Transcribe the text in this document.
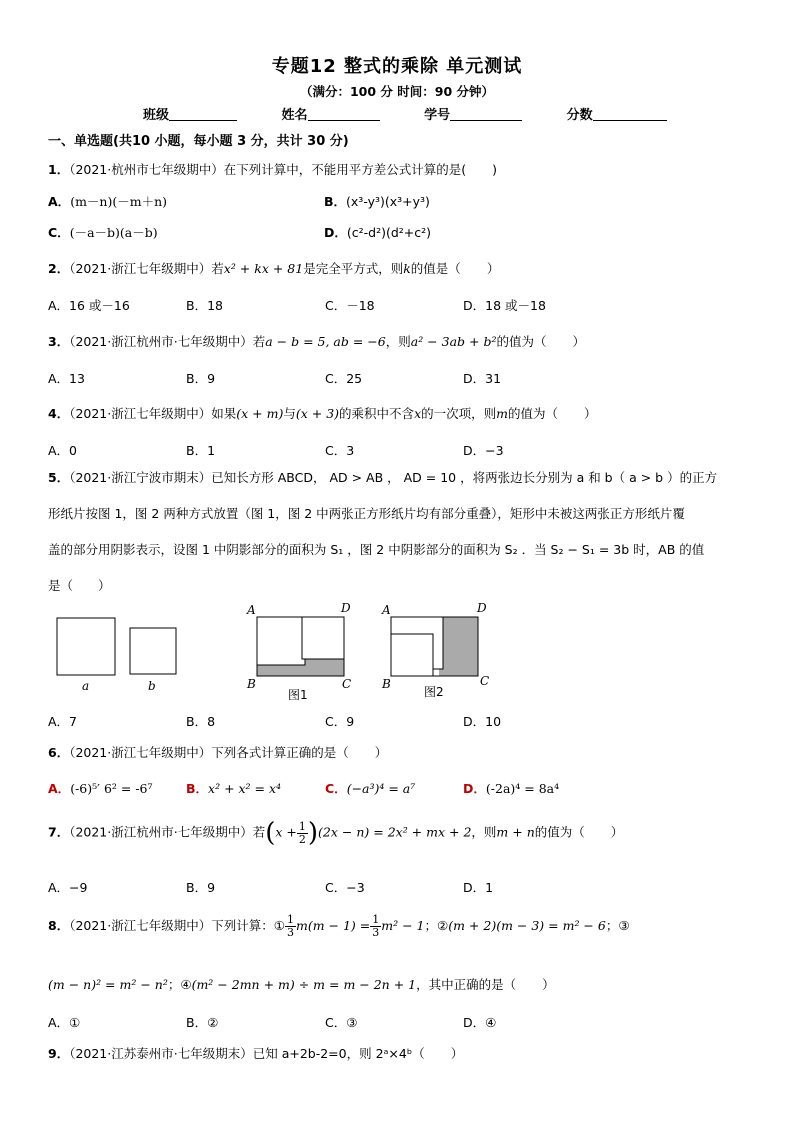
专题12 整式的乘除 单元测试
（满分：100 分 时间：90 分钟）
班级	姓名	学号	分数
一、单选题(共10 小题，每小题 3 分，共计 30 分)
1．（2021·杭州市七年级期中）在下列计算中，不能用平方差公式计算的是( )
A．(m－n)(－m＋n)	B．(x³-y³)(x³+y³)
C．(－a－b)(a－b)	D．(c²-d²)(d²+c²)
2．（2021·浙江七年级期中）若x² + kx + 81是完全平方式，则k的值是（ ）
A．16 或－16	B．18	C．－18	D．18 或－18
3．（2021·浙江杭州市·七年级期中）若a − b = 5, ab = −6，则a² − 3ab + b²的值为（ ）
A．13	B．9	C．25	D．31
4．（2021·浙江七年级期中）如果(x + m)与(x + 3)的乘积中不含x的一次项，则m的值为（ ）
A．0	B．1	C．3	D．−3
5．（2021·浙江宁波市期末）已知长方形 ABCD， AD > AB ， AD = 10 ，将两张边长分别为 a 和 b（ a > b ）的正方
形纸片按图 1，图 2 两种方式放置（图 1，图 2 中两张正方形纸片均有部分重叠），矩形中未被这两张正方形纸片覆
盖的部分用阴影表示，设图 1 中阴影部分的面积为 S₁ ，图 2 中阴影部分的面积为 S₂ ．当 S₂ − S₁ = 3b 时，AB 的值
是（　　）
a	b
A	D
B	C
图1
A	D
B	C
图2
A．7	B．8	C．9	D．10
6．（2021·浙江七年级期中）下列各式计算正确的是（ ）
A．(-6)⁵′ 6² = -6⁷	B．x² + x² = x⁴	C．(−a³)⁴ = a⁷	D．(-2a)⁴ = 8a⁴
7．（2021·浙江杭州市·七年级期中）若$(x + \frac{1}{2} )(2x - n) = 2x^2$ + mx + 2，则m + n的值为（ ）
A．−9	B．9	C．−3	D．1
8．（2021·浙江七年级期中）下列计算：① $\frac{1}{3} m(m - 1) = \frac{1}{3} m^2 - 1$；②(m + 2)(m − 3) = m² − 6；③
(m − n)² = m² − n²；④(m² − 2mn + m) ÷ m = m − 2n + 1，其中正确的是（ ）
A．①	B．②	C．③	D．④
9．（2021·江苏泰州市·七年级期末）已知 a+2b-2=0，则 2ᵃ×4ᵇ（ ）
